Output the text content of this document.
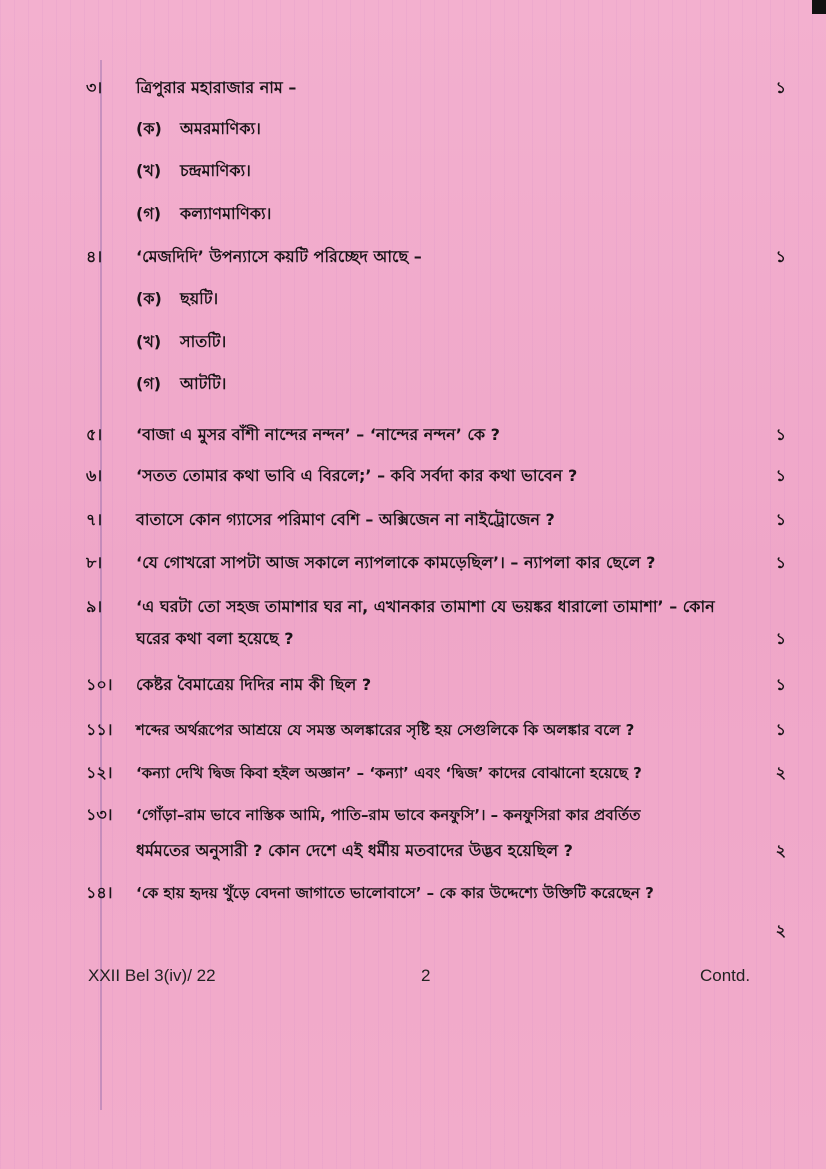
৩। ত্রিপুরার মহারাজার নাম –	১
(ক) অমরমাণিক্য।
(খ) চন্দ্রমাণিক্য।
(গ) কল্যাণমাণিক্য।
৪। ‘মেজদিদি’ উপন্যাসে কয়টি পরিচ্ছেদ আছে –	১
(ক) ছয়টি।
(খ) সাতটি।
(গ) আটটি।
৫। ‘বাজা এ মুসর বাঁশী নান্দের নন্দন’ – ‘নান্দের নন্দন’ কে ?	১
৬। ‘সতত তোমার কথা ভাবি এ বিরলে;’ – কবি সর্বদা কার কথা ভাবেন ?	১
৭। বাতাসে কোন গ্যাসের পরিমাণ বেশি – অক্সিজেন না নাইট্রোজেন ?	১
৮। ‘যে গোখরো সাপটা আজ সকালে ন্যাপলাকে কামড়েছিল’। – ন্যাপলা কার ছেলে ?	১
৯। ‘এ ঘরটা তো সহজ তামাশার ঘর না, এখানকার তামাশা যে ভয়ঙ্কর ধারালো তামাশা’ – কোন
ঘরের কথা বলা হয়েছে ?	১
১০। কেষ্টর বৈমাত্রেয় দিদির নাম কী ছিল ?	১
১১। শব্দের অর্থরূপের আশ্রয়ে যে সমস্ত অলঙ্কারের সৃষ্টি হয় সেগুলিকে কি অলঙ্কার বলে ?	১
১২। ‘কন্যা দেখি দ্বিজ কিবা হইল অজ্ঞান’ – ‘কন্যা’ এবং ‘দ্বিজ’ কাদের বোঝানো হয়েছে ?	২
১৩। ‘গোঁড়া–রাম ভাবে নাস্তিক আমি, পাতি–রাম ভাবে কনফুসি’। – কনফুসিরা কার প্রবর্তিত
ধর্মমতের অনুসারী ? কোন দেশে এই ধর্মীয় মতবাদের উদ্ভব হয়েছিল ?	২
১৪। ‘কে হায় হৃদয় খুঁড়ে বেদনা জাগাতে ভালোবাসে’ – কে কার উদ্দেশ্যে উক্তিটি করেছেন ?
২
XXII Bel 3(iv)/ 22	2	Contd.
